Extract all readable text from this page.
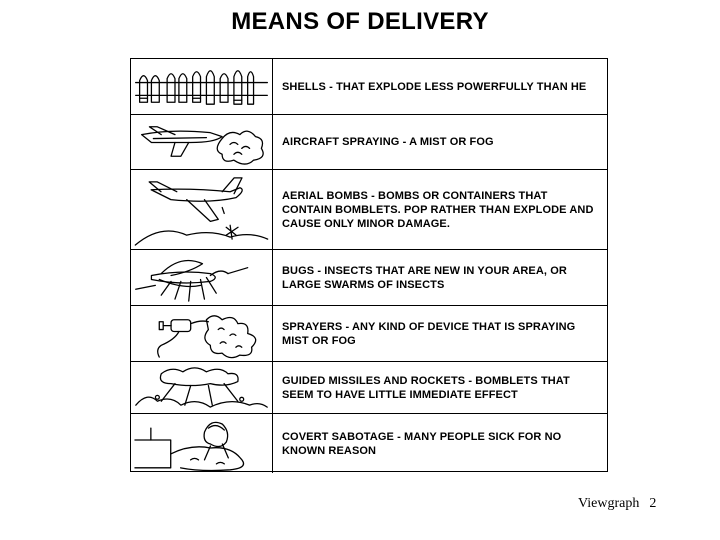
MEANS OF DELIVERY
SHELLS - THAT EXPLODE LESS POWERFULLY THAN HE
AIRCRAFT SPRAYING - A MIST OR FOG
AERIAL BOMBS - BOMBS OR CONTAINERS THAT CONTAIN BOMBLETS. POP RATHER THAN EXPLODE AND CAUSE ONLY MINOR DAMAGE.
BUGS - INSECTS THAT ARE NEW IN YOUR AREA, OR LARGE SWARMS OF INSECTS
SPRAYERS - ANY KIND OF DEVICE THAT IS SPRAYING MIST OR FOG
GUIDED MISSILES AND ROCKETS - BOMBLETS THAT SEEM TO HAVE LITTLE IMMEDIATE EFFECT
COVERT SABOTAGE - MANY PEOPLE SICK FOR NO KNOWN REASON
Viewgraph 2
